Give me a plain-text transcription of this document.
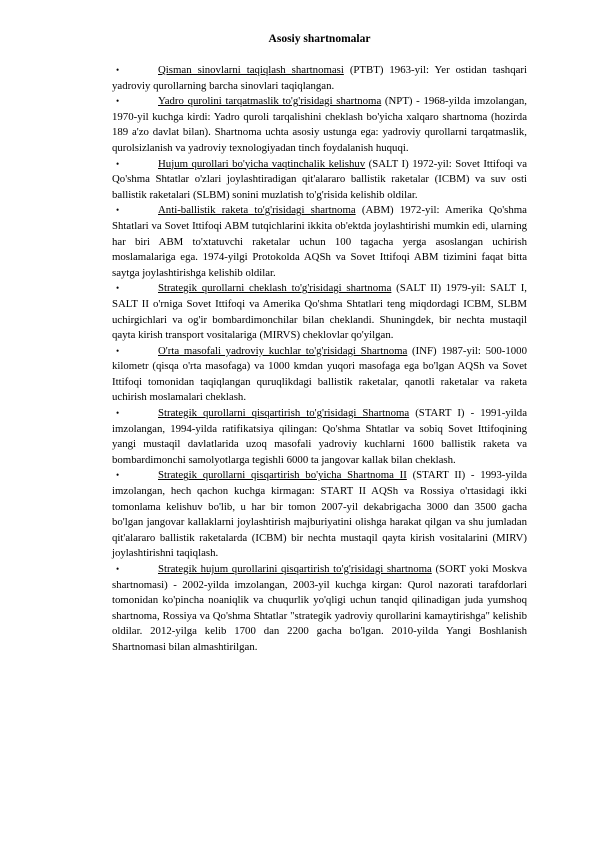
Asosiy shartnomalar

•	Qisman sinovlarni taqiqlash shartnomasi (PTBT) 1963-yil: Yer ostidan tashqari yadroviy qurollarning barcha sinovlari taqiqlangan.

•	Yadro qurolini tarqatmaslik to'g'risidagi shartnoma (NPT) - 1968-yilda imzolangan, 1970-yil kuchga kirdi: Yadro quroli tarqalishini cheklash bo'yicha xalqaro shartnoma (hozirda 189 a'zo davlat bilan). Shartnoma uchta asosiy ustunga ega: yadroviy qurollarni tarqatmaslik, qurolsizlanish va yadroviy texnologiyadan tinch foydalanish huquqi.

•	Hujum qurollari bo'yicha vaqtinchalik kelishuv (SALT I) 1972-yil: Sovet Ittifoqi va Qo'shma Shtatlar o'zlari joylashtiradigan qit'alararo ballistik raketalar (ICBM) va suv osti ballistik raketalari (SLBM) sonini muzlatish to'g'risida kelishib oldilar.

•	Anti-ballistik raketa to'g'risidagi shartnoma (ABM) 1972-yil: Amerika Qo'shma Shtatlari va Sovet Ittifoqi ABM tutqichlarini ikkita ob'ektda joylashtirishi mumkin edi, ularning har biri ABM to'xtatuvchi raketalar uchun 100 tagacha yerga asoslangan uchirish moslamalariga ega. 1974-yilgi Protokolda AQSh va Sovet Ittifoqi ABM tizimini faqat bitta saytga joylashtirishga kelishib oldilar.

•	Strategik qurollarni cheklash to'g'risidagi shartnoma (SALT II) 1979-yil: SALT I, SALT II o'rniga Sovet Ittifoqi va Amerika Qo'shma Shtatlari teng miqdordagi ICBM, SLBM uchirgichlari va og'ir bombardimonchilar bilan cheklandi. Shuningdek, bir nechta mustaqil qayta kirish transport vositalariga (MIRVS) cheklovlar qo'yilgan.

•	O'rta masofali yadroviy kuchlar to'g'risidagi Shartnoma (INF) 1987-yil: 500-1000 kilometr (qisqa o'rta masofaga) va 1000 kmdan yuqori masofaga ega bo'lgan AQSh va Sovet Ittifoqi tomonidan taqiqlangan quruqlikdagi ballistik raketalar, qanotli raketalar va raketa uchirish moslamalari cheklash.

•	Strategik qurollarni qisqartirish to'g'risidagi Shartnoma (START I) - 1991-yilda imzolangan, 1994-yilda ratifikatsiya qilingan: Qo'shma Shtatlar va sobiq Sovet Ittifoqining yangi mustaqil davlatlarida uzoq masofali yadroviy kuchlarni 1600 ballistik raketa va bombardimonchi samolyotlarga tegishli 6000 ta jangovar kallak bilan cheklash.

•	Strategik qurollarni qisqartirish bo'yicha Shartnoma II (START II) - 1993-yilda imzolangan, hech qachon kuchga kirmagan: START II AQSh va Rossiya o'rtasidagi ikki tomonlama kelishuv bo'lib, u har bir tomon 2007-yil dekabrigacha 3000 dan 3500 gacha bo'lgan jangovar kallaklarni joylashtirish majburiyatini olishga harakat qilgan va shu jumladan qit'alararo ballistik raketalarda (ICBM) bir nechta mustaqil qayta kirish vositalarini (MIRV) joylashtirishni taqiqlash.

•	Strategik hujum qurollarini qisqartirish to'g'risidagi shartnoma (SORT yoki Moskva shartnomasi) - 2002-yilda imzolangan, 2003-yil kuchga kirgan: Qurol nazorati tarafdorlari tomonidan ko'pincha noaniqlik va chuqurlik yo'qligi uchun tanqid qilinadigan juda yumshoq shartnoma, Rossiya va Qo'shma Shtatlar "strategik yadroviy qurollarini kamaytirishga" kelishib oldilar. 2012-yilga kelib 1700 dan 2200 gacha bo'lgan. 2010-yilda Yangi Boshlanish Shartnomasi bilan almashtirilgan.
